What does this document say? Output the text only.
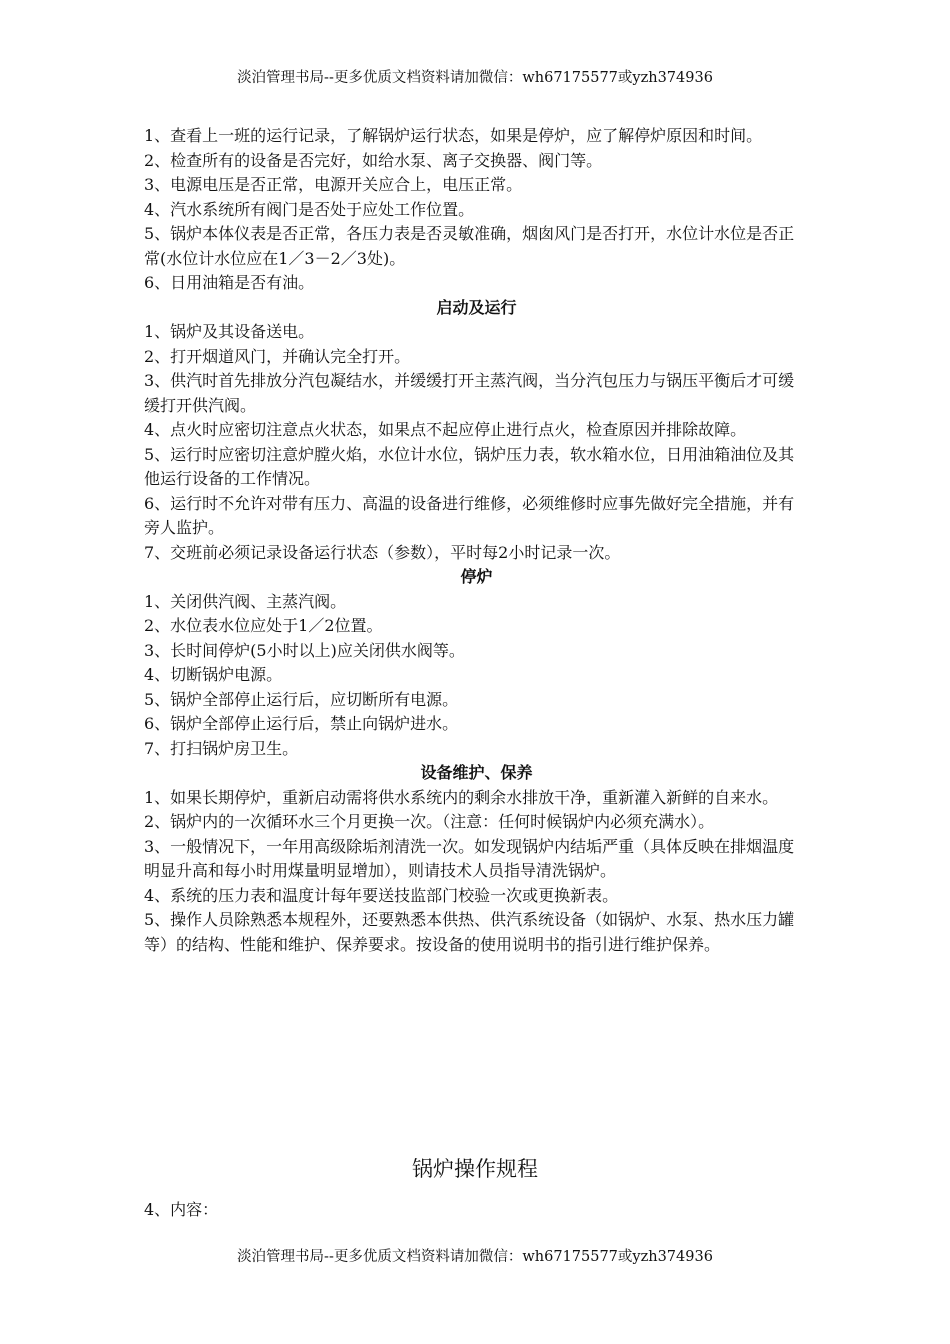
淡泊管理书局--更多优质文档资料请加微信：wh67175577或yzh374936

1、查看上一班的运行记录，了解锅炉运行状态，如果是停炉，应了解停炉原因和时间。

2、检查所有的设备是否完好，如给水泵、离子交换器、阀门等。

3、电源电压是否正常，电源开关应合上，电压正常。

4、汽水系统所有阀门是否处于应处工作位置。

5、锅炉本体仪表是否正常，各压力表是否灵敏准确，烟囱风门是否打开，水位计水位是否正常(水位计水位应在1／3－2／3处)。

6、日用油箱是否有油。

启动及运行

1、锅炉及其设备送电。

2、打开烟道风门，并确认完全打开。

3、供汽时首先排放分汽包凝结水，并缓缓打开主蒸汽阀，当分汽包压力与锅压平衡后才可缓缓打开供汽阀。

4、点火时应密切注意点火状态，如果点不起应停止进行点火，检查原因并排除故障。

5、运行时应密切注意炉膛火焰，水位计水位，锅炉压力表，软水箱水位，日用油箱油位及其他运行设备的工作情况。

6、运行时不允许对带有压力、高温的设备进行维修，必须维修时应事先做好完全措施，并有旁人监护。

7、交班前必须记录设备运行状态（参数），平时每2小时记录一次。

停炉

1、关闭供汽阀、主蒸汽阀。

2、水位表水位应处于1／2位置。

3、长时间停炉(5小时以上)应关闭供水阀等。

4、切断锅炉电源。

5、锅炉全部停止运行后，应切断所有电源。

6、锅炉全部停止运行后，禁止向锅炉进水。

7、打扫锅炉房卫生。

设备维护、保养

1、如果长期停炉，重新启动需将供水系统内的剩余水排放干净，重新灌入新鲜的自来水。

2、锅炉内的一次循环水三个月更换一次。（注意：任何时候锅炉内必须充满水）。

3、一般情况下，一年用高级除垢剂清洗一次。如发现锅炉内结垢严重（具体反映在排烟温度明显升高和每小时用煤量明显增加），则请技术人员指导清洗锅炉。

4、系统的压力表和温度计每年要送技监部门校验一次或更换新表。

5、操作人员除熟悉本规程外，还要熟悉本供热、供汽系统设备（如锅炉、水泵、热水压力罐等）的结构、性能和维护、保养要求。按设备的使用说明书的指引进行维护保养。

锅炉操作规程
4、内容：
淡泊管理书局--更多优质文档资料请加微信：wh67175577或yzh374936
